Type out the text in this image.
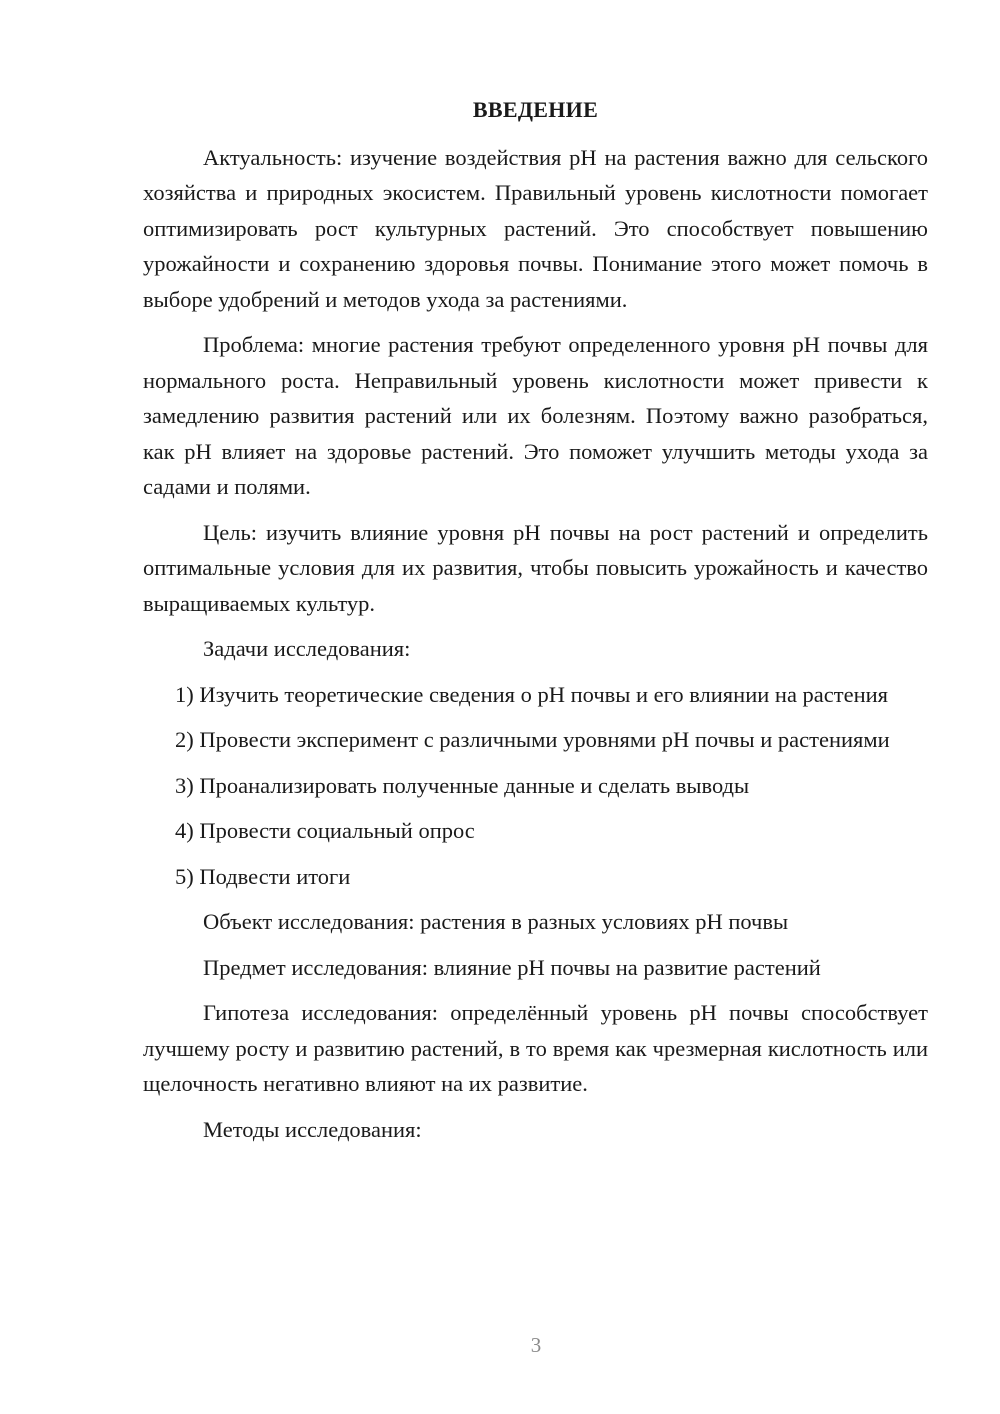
ВВЕДЕНИЕ

Актуальность: изучение воздействия pH на растения важно для сельского хозяйства и природных экосистем. Правильный уровень кислотности помогает оптимизировать рост культурных растений. Это способствует повышению урожайности и сохранению здоровья почвы. Понимание этого может помочь в выборе удобрений и методов ухода за растениями.

Проблема: многие растения требуют определенного уровня pH почвы для нормального роста. Неправильный уровень кислотности может привести к замедлению развития растений или их болезням. Поэтому важно разобраться, как pH влияет на здоровье растений. Это поможет улучшить методы ухода за садами и полями.

Цель: изучить влияние уровня pH почвы на рост растений и определить оптимальные условия для их развития, чтобы повысить урожайность и качество выращиваемых культур.

Задачи исследования:

1) Изучить теоретические сведения о pH почвы и его влиянии на растения

2) Провести эксперимент с различными уровнями pH почвы и растениями

3) Проанализировать полученные данные и сделать выводы

4) Провести социальный опрос

5) Подвести итоги

Объект исследования: растения в разных условиях pH почвы

Предмет исследования: влияние pH почвы на развитие растений

Гипотеза исследования: определённый уровень pH почвы способствует лучшему росту и развитию растений, в то время как чрезмерная кислотность или щелочность негативно влияют на их развитие.

Методы исследования:

3
